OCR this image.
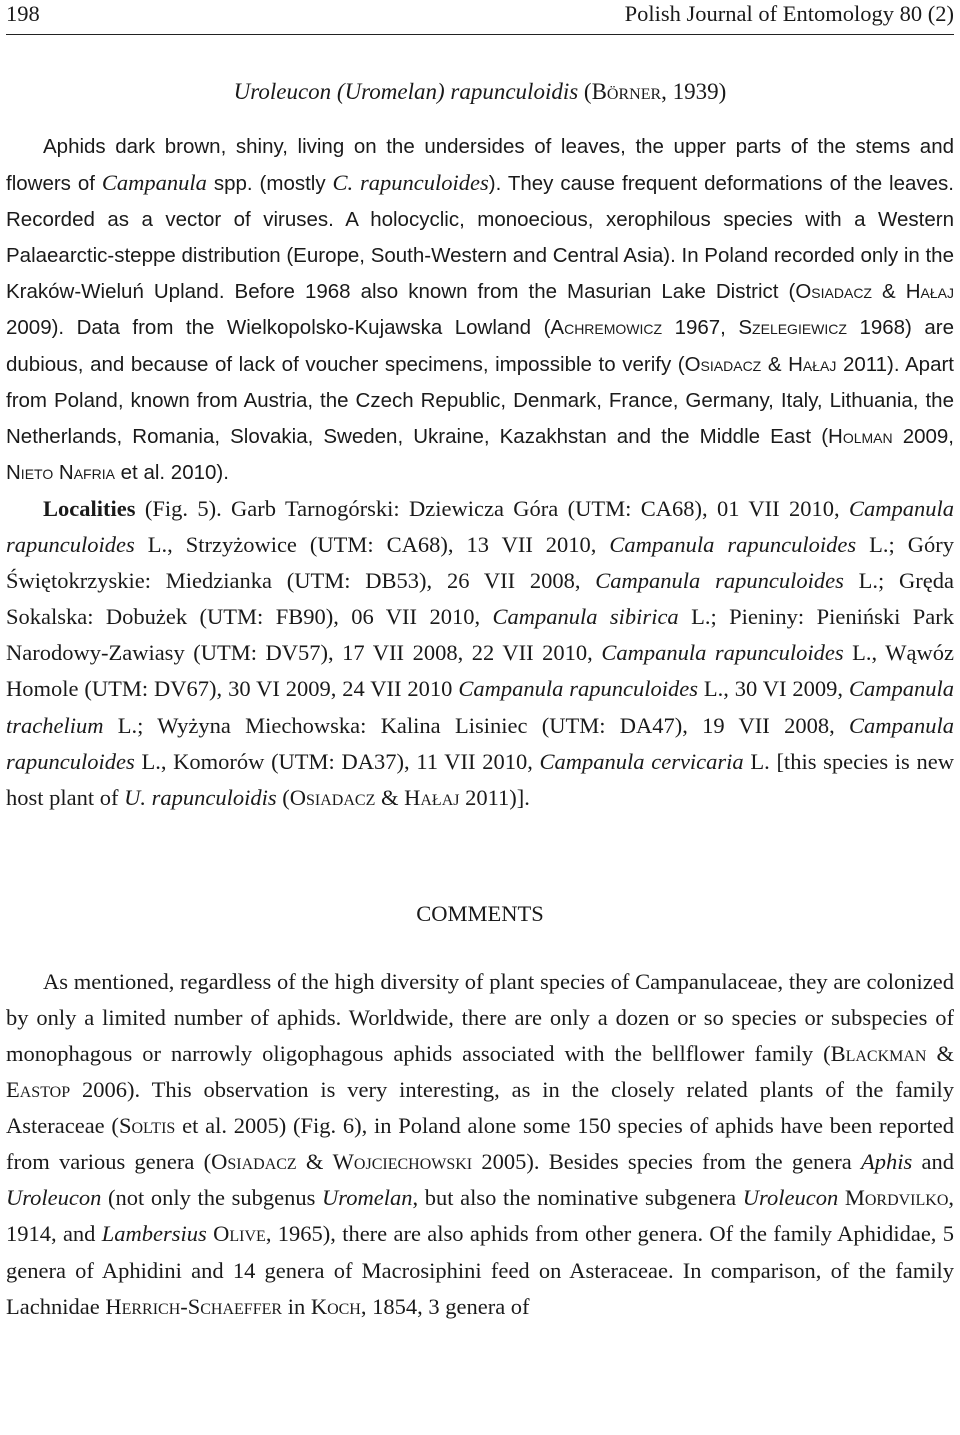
198	Polish Journal of Entomology 80 (2)
Uroleucon (Uromelan) rapunculoidis (Börner, 1939)

Aphids dark brown, shiny, living on the undersides of leaves, the upper parts of the stems and flowers of Campanula spp. (mostly C. rapunculoides). They cause frequent deformations of the leaves. Recorded as a vector of viruses. A holocyclic, monoecious, xerophilous species with a Western Palaearctic-steppe distribution (Europe, South-Western and Central Asia). In Poland recorded only in the Kraków-Wieluń Upland. Before 1968 also known from the Masurian Lake District (Osiadacz & Hałaj 2009). Data from the Wielkopolsko-Kujawska Lowland (Achremowicz 1967, Szelegiewicz 1968) are dubious, and because of lack of voucher specimens, impossible to verify (Osiadacz & Hałaj 2011). Apart from Poland, known from Austria, the Czech Republic, Denmark, France, Germany, Italy, Lithuania, the Netherlands, Romania, Slovakia, Sweden, Ukraine, Kazakhstan and the Middle East (Holman 2009, Nieto Nafria et al. 2010).

Localities (Fig. 5). Garb Tarnogórski: Dziewicza Góra (UTM: CA68), 01 VII 2010, Campanula rapunculoides L., Strzyżowice (UTM: CA68), 13 VII 2010, Campanula rapunculoides L.; Góry Świętokrzyskie: Miedzianka (UTM: DB53), 26 VII 2008, Campanula rapunculoides L.; Gręda Sokalska: Dobużek (UTM: FB90), 06 VII 2010, Campanula sibirica L.; Pieniny: Pieniński Park Narodowy-Zawiasy (UTM: DV57), 17 VII 2008, 22 VII 2010, Campanula rapunculoides L., Wąwóz Homole (UTM: DV67), 30 VI 2009, 24 VII 2010 Campanula rapunculoides L., 30 VI 2009, Campanula trachelium L.; Wyżyna Miechowska: Kalina Lisiniec (UTM: DA47), 19 VII 2008, Campanula rapunculoides L., Komorów (UTM: DA37), 11 VII 2010, Campanula cervicaria L. [this species is new host plant of U. rapunculoidis (Osiadacz & Hałaj 2011)].

COMMENTS

As mentioned, regardless of the high diversity of plant species of Campanulaceae, they are colonized by only a limited number of aphids. Worldwide, there are only a dozen or so species or subspecies of monophagous or narrowly oligophagous aphids associated with the bellflower family (Blackman & Eastop 2006). This observation is very interesting, as in the closely related plants of the family Asteraceae (Soltis et al. 2005) (Fig. 6), in Poland alone some 150 species of aphids have been reported from various genera (Osiadacz & Wojciechowski 2005). Besides species from the genera Aphis and Uroleucon (not only the subgenus Uromelan, but also the nominative subgenera Uroleucon Mordvilko, 1914, and Lambersius Olive, 1965), there are also aphids from other genera. Of the family Aphididae, 5 genera of Aphidini and 14 genera of Macrosiphini feed on Asteraceae. In comparison, of the family Lachnidae Herrich-Schaeffer in Koch, 1854, 3 genera of
